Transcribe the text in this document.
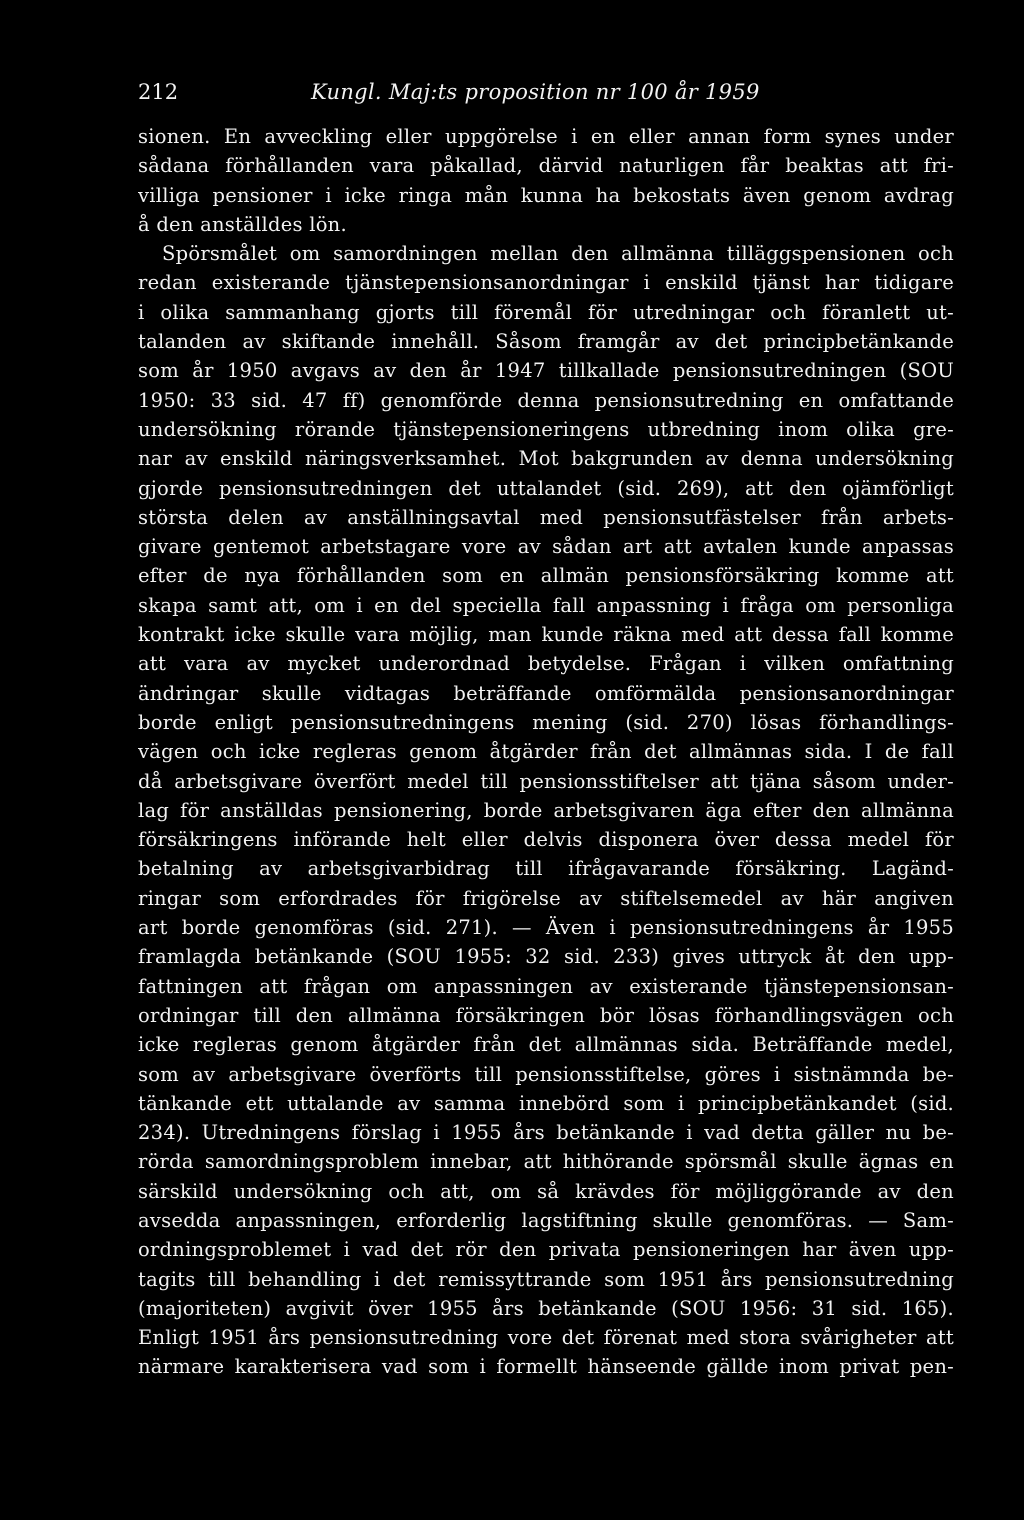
212	Kungl. Maj:ts proposition nr 100 år 1959
sionen. En avveckling eller uppgörelse i en eller annan form synes under
sådana förhållanden vara påkallad, därvid naturligen får beaktas att fri-
villiga pensioner i icke ringa mån kunna ha bekostats även genom avdrag
å den anställdes lön.
Spörsmålet om samordningen mellan den allmänna tilläggspensionen och
redan existerande tjänstepensionsanordningar i enskild tjänst har tidigare
i olika sammanhang gjorts till föremål för utredningar och föranlett ut-
talanden av skiftande innehåll. Såsom framgår av det principbetänkande
som år 1950 avgavs av den år 1947 tillkallade pensionsutredningen (SOU
1950: 33 sid. 47 ff) genomförde denna pensionsutredning en omfattande
undersökning rörande tjänstepensioneringens utbredning inom olika gre-
nar av enskild näringsverksamhet. Mot bakgrunden av denna undersökning
gjorde pensionsutredningen det uttalandet (sid. 269), att den ojämförligt
största delen av anställningsavtal med pensionsutfästelser från arbets-
givare gentemot arbetstagare vore av sådan art att avtalen kunde anpassas
efter de nya förhållanden som en allmän pensionsförsäkring komme att
skapa samt att, om i en del speciella fall anpassning i fråga om personliga
kontrakt icke skulle vara möjlig, man kunde räkna med att dessa fall komme
att vara av mycket underordnad betydelse. Frågan i vilken omfattning
ändringar skulle vidtagas beträffande omförmälda pensionsanordningar
borde enligt pensionsutredningens mening (sid. 270) lösas förhandlings-
vägen och icke regleras genom åtgärder från det allmännas sida. I de fall
då arbetsgivare överfört medel till pensionsstiftelser att tjäna såsom under-
lag för anställdas pensionering, borde arbetsgivaren äga efter den allmänna
försäkringens införande helt eller delvis disponera över dessa medel för
betalning av arbetsgivarbidrag till ifrågavarande försäkring. Lagänd-
ringar som erfordrades för frigörelse av stiftelsemedel av här angiven
art borde genomföras (sid. 271). — Även i pensionsutredningens år 1955
framlagda betänkande (SOU 1955: 32 sid. 233) gives uttryck åt den upp-
fattningen att frågan om anpassningen av existerande tjänstepensionsan-
ordningar till den allmänna försäkringen bör lösas förhandlingsvägen och
icke regleras genom åtgärder från det allmännas sida. Beträffande medel,
som av arbetsgivare överförts till pensionsstiftelse, göres i sistnämnda be-
tänkande ett uttalande av samma innebörd som i principbetänkandet (sid.
234). Utredningens förslag i 1955 års betänkande i vad detta gäller nu be-
rörda samordningsproblem innebar, att hithörande spörsmål skulle ägnas en
särskild undersökning och att, om så krävdes för möjliggörande av den
avsedda anpassningen, erforderlig lagstiftning skulle genomföras. — Sam-
ordningsproblemet i vad det rör den privata pensioneringen har även upp-
tagits till behandling i det remissyttrande som 1951 års pensionsutredning
(majoriteten) avgivit över 1955 års betänkande (SOU 1956: 31 sid. 165).
Enligt 1951 års pensionsutredning vore det förenat med stora svårigheter att
närmare karakterisera vad som i formellt hänseende gällde inom privat pen-
